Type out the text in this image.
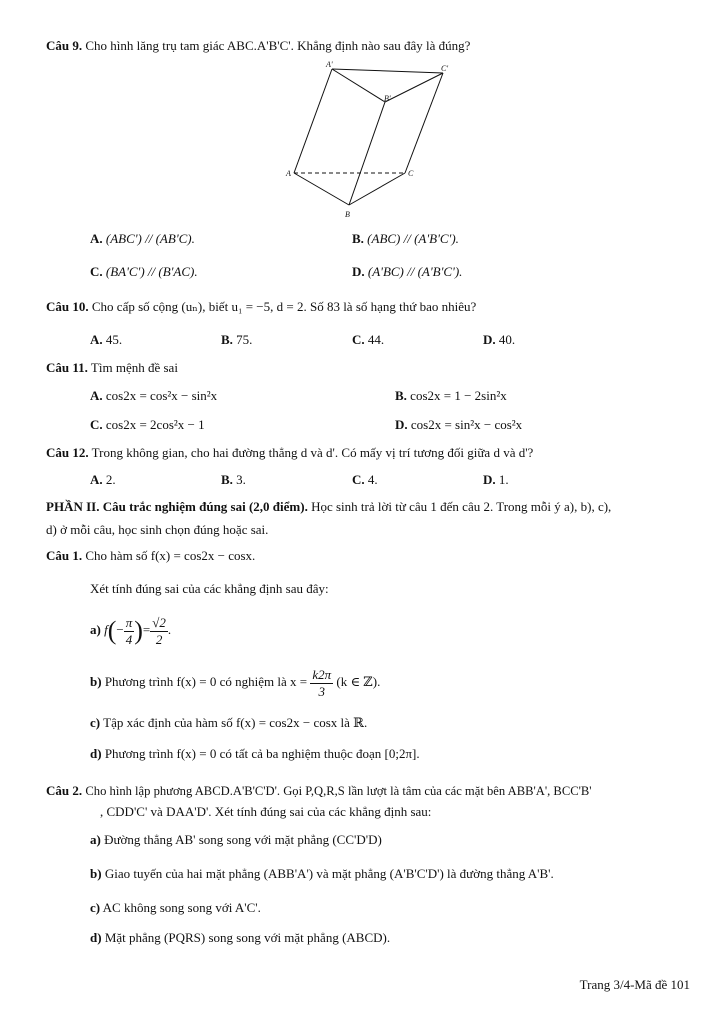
Câu 9. Cho hình lăng trụ tam giác ABC.A'B'C'. Khẳng định nào sau đây là đúng?
A'	C'
B'
A	C
B
A. (ABC') // (AB'C).	B. (ABC) // (A'B'C').
C. (BA'C') // (B'AC).	D. (A'BC) // (A'B'C').
Câu 10. Cho cấp số cộng (uₙ), biết u₁ = −5, d = 2. Số 83 là số hạng thứ bao nhiêu?
A. 45.	B. 75.	C. 44.	D. 40.
Câu 11. Tìm mệnh đề sai
A. cos2x = cos²x − sin²x	B. cos2x = 1 − 2sin²x
C. cos2x = 2cos²x − 1	D. cos2x = sin²x − cos²x
Câu 12. Trong không gian, cho hai đường thẳng d và d'. Có mấy vị trí tương đối giữa d và d'?
A. 2.	B. 3.	C. 4.	D. 1.
PHẦN II. Câu trắc nghiệm đúng sai (2,0 điểm). Học sinh trả lời từ câu 1 đến câu 2. Trong mỗi ý a), b), c),
d) ở mỗi câu, học sinh chọn đúng hoặc sai.
Câu 1. Cho hàm số f(x) = cos2x − cosx.
Xét tính đúng sai của các khẳng định sau đây:
a) $f(- \frac{\pi}{4}$ )= $\frac{√2}{2}$ .
b) Phương trình f(x) = 0 có nghiệm là $x = \frac{k2\pi}{3} (k$ ∈ ℤ).
c) Tập xác định của hàm số f(x) = cos2x − cosx là ℝ.
d) Phương trình f(x) = 0 có tất cả ba nghiệm thuộc đoạn [0;2π].
Câu 2. Cho hình lập phương ABCD.A'B'C'D'. Gọi P,Q,R,S lần lượt là tâm của các mặt bên ABB'A', BCC'B'
, CDD'C' và DAA'D'. Xét tính đúng sai của các khẳng định sau:
a) Đường thẳng AB' song song với mặt phẳng (CC'D'D)
b) Giao tuyến của hai mặt phẳng (ABB'A') và mặt phẳng (A'B'C'D') là đường thẳng A'B'.
c) AC không song song với A'C'.
d) Mặt phẳng (PQRS) song song với mặt phẳng (ABCD).
Trang 3/4-Mã đề 101
